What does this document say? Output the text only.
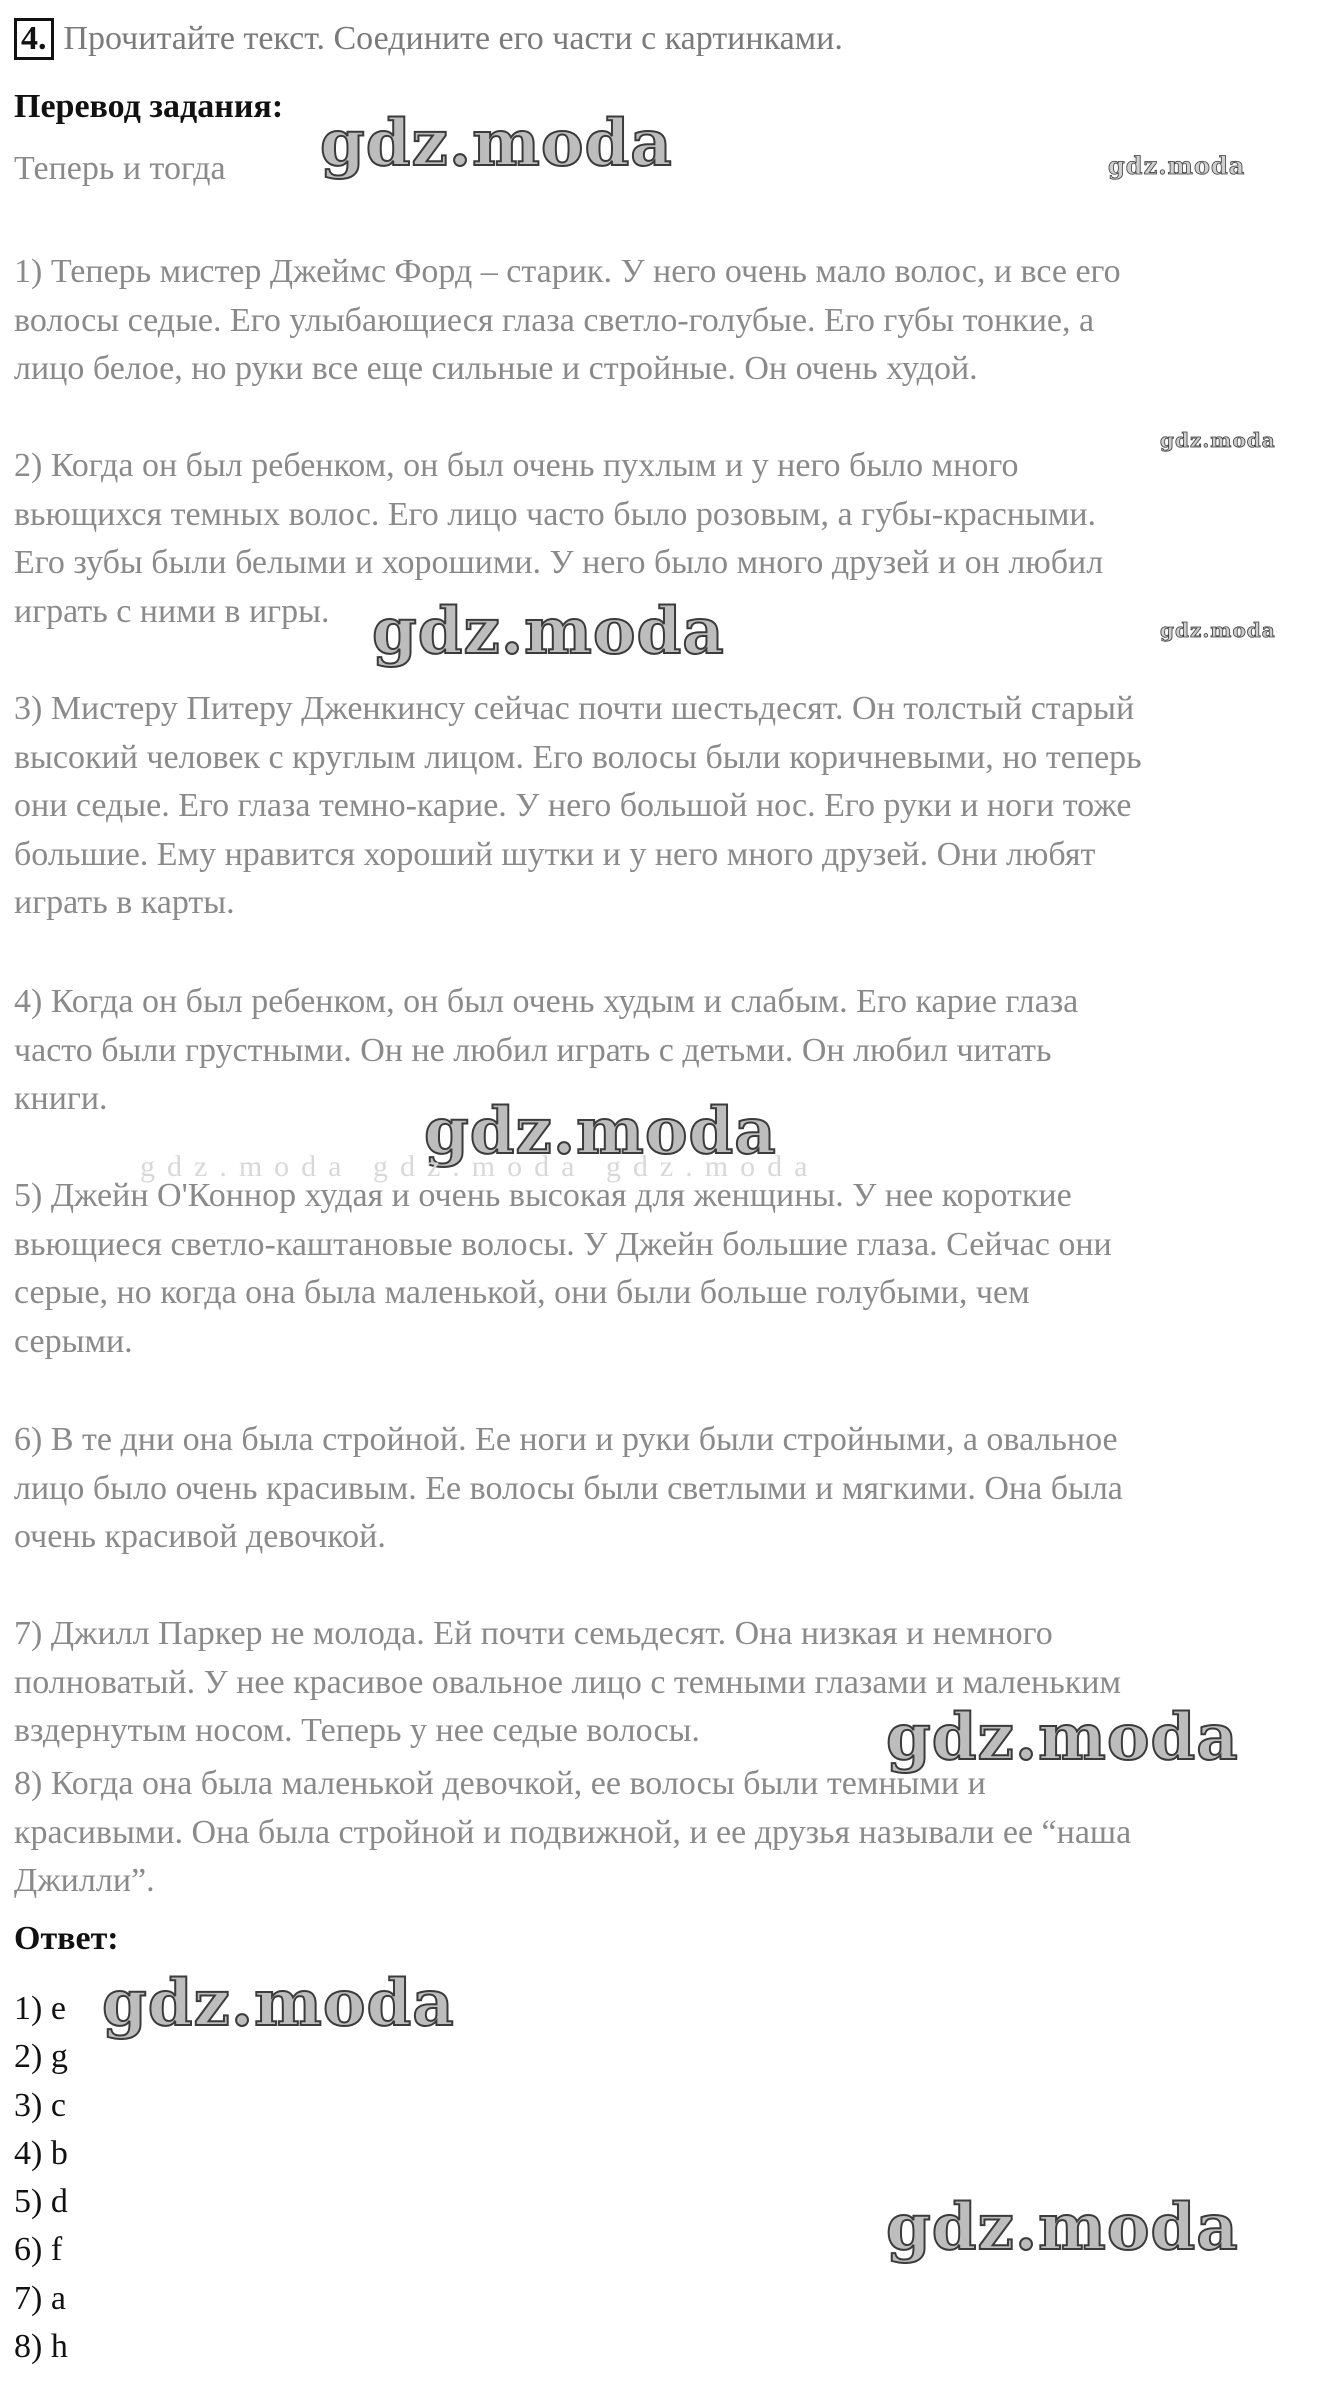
4. Прочитайте текст. Соедините его части с картинками.
Перевод задания:
Теперь и тогда
1) Теперь мистер Джеймс Форд – старик. У него очень мало волос, и все его
волосы седые. Его улыбающиеся глаза светло-голубые. Его губы тонкие, а
лицо белое, но руки все еще сильные и стройные. Он очень худой.
2) Когда он был ребенком, он был очень пухлым и у него было много
вьющихся темных волос. Его лицо часто было розовым, а губы-красными.
Его зубы были белыми и хорошими. У него было много друзей и он любил
играть с ними в игры.
3) Мистеру Питеру Дженкинсу сейчас почти шестьдесят. Он толстый старый
высокий человек с круглым лицом. Его волосы были коричневыми, но теперь
они седые. Его глаза темно-карие. У него большой нос. Его руки и ноги тоже
большие. Ему нравится хороший шутки и у него много друзей. Они любят
играть в карты.
4) Когда он был ребенком, он был очень худым и слабым. Его карие глаза
часто были грустными. Он не любил играть с детьми. Он любил читать
книги.
5) Джейн О'Коннор худая и очень высокая для женщины. У нее короткие
вьющиеся светло-каштановые волосы. У Джейн большие глаза. Сейчас они
серые, но когда она была маленькой, они были больше голубыми, чем
серыми.
6) В те дни она была стройной. Ее ноги и руки были стройными, а овальное
лицо было очень красивым. Ее волосы были светлыми и мягкими. Она была
очень красивой девочкой.
7) Джилл Паркер не молода. Ей почти семьдесят. Она низкая и немного
полноватый. У нее красивое овальное лицо с темными глазами и маленьким
вздернутым носом. Теперь у нее седые волосы.
8) Когда она была маленькой девочкой, ее волосы были темными и
красивыми. Она была стройной и подвижной, и ее друзья называли ее “наша
Джилли”.
Ответ:
1) e
2) g
3) c
4) b
5) d
6) f
7) a
8) h
gdz.moda	gdz.moda
gdz.moda
gdz.moda	gdz.moda
gdz.moda
gdz.moda gdz.moda gdz.moda
gdz.moda
gdz.moda
gdz.moda
